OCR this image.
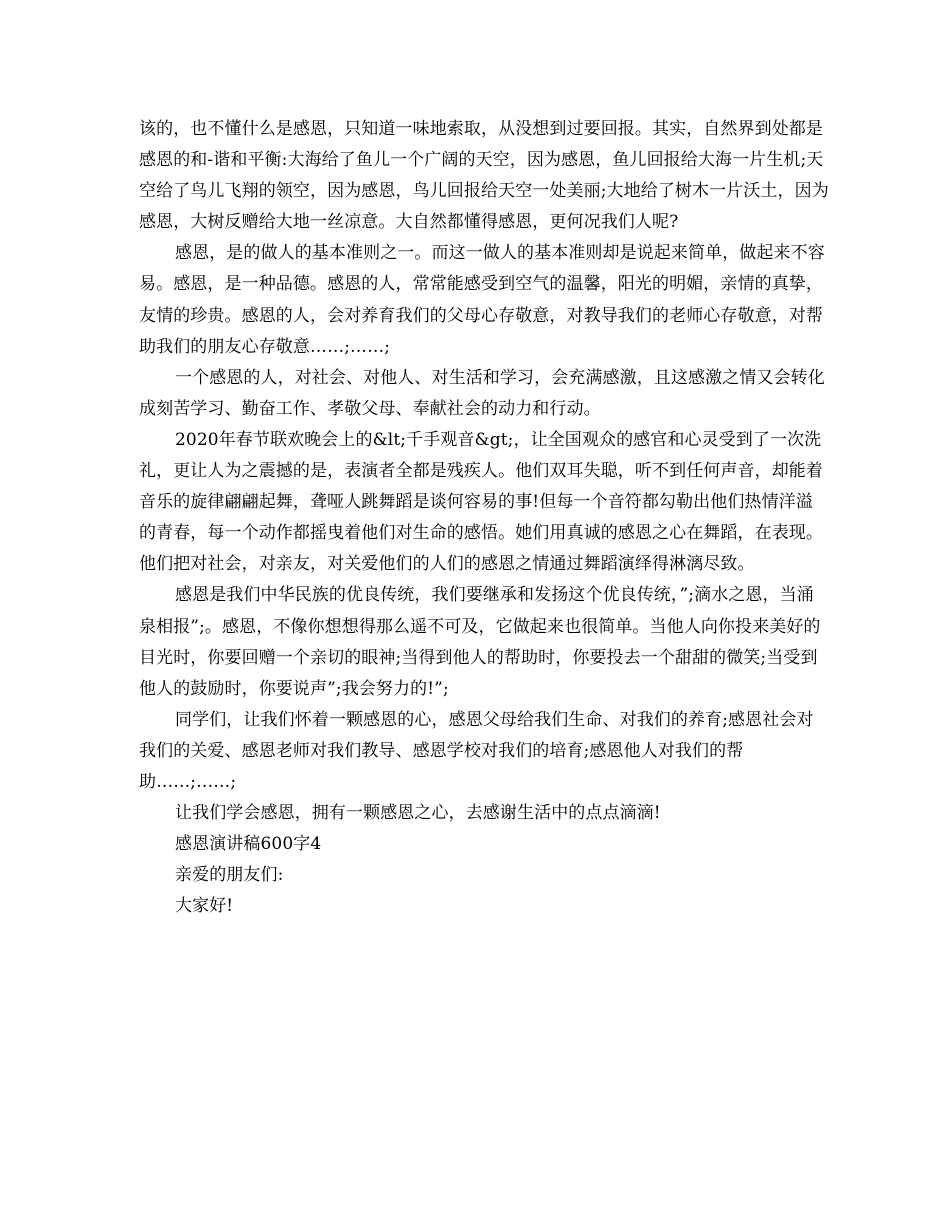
该的，也不懂什么是感恩，只知道一味地索取，从没想到过要回报。其实，自然界到处都是感恩的和-谐和平衡:大海给了鱼儿一个广阔的天空，因为感恩，鱼儿回报给大海一片生机;天空给了鸟儿飞翔的领空，因为感恩，鸟儿回报给天空一处美丽;大地给了树木一片沃土，因为感恩，大树反赠给大地一丝凉意。大自然都懂得感恩，更何况我们人呢?

感恩，是的做人的基本准则之一。而这一做人的基本准则却是说起来简单，做起来不容易。感恩，是一种品德。感恩的人，常常能感受到空气的温馨，阳光的明媚，亲情的真挚，友情的珍贵。感恩的人，会对养育我们的父母心存敬意，对教导我们的老师心存敬意，对帮助我们的朋友心存敬意……;……;

一个感恩的人，对社会、对他人、对生活和学习，会充满感激，且这感激之情又会转化成刻苦学习、勤奋工作、孝敬父母、奉献社会的动力和行动。

2020年春节联欢晚会上的&lt;千手观音&gt;，让全国观众的感官和心灵受到了一次洗礼，更让人为之震撼的是，表演者全都是残疾人。他们双耳失聪，听不到任何声音，却能着音乐的旋律翩翩起舞，聋哑人跳舞蹈是谈何容易的事!但每一个音符都勾勒出他们热情洋溢的青春，每一个动作都摇曳着他们对生命的感悟。她们用真诚的感恩之心在舞蹈，在表现。他们把对社会，对亲友，对关爱他们的人们的感恩之情通过舞蹈演绎得淋漓尽致。

感恩是我们中华民族的优良传统，我们要继承和发扬这个优良传统，”;滴水之恩，当涌泉相报”;。感恩，不像你想想得那么遥不可及，它做起来也很简单。当他人向你投来美好的目光时，你要回赠一个亲切的眼神;当得到他人的帮助时，你要投去一个甜甜的微笑;当受到他人的鼓励时，你要说声”;我会努力的!”;

同学们，让我们怀着一颗感恩的心，感恩父母给我们生命、对我们的养育;感恩社会对我们的关爱、感恩老师对我们教导、感恩学校对我们的培育;感恩他人对我们的帮助……;……;

让我们学会感恩，拥有一颗感恩之心，去感谢生活中的点点滴滴!

感恩演讲稿600字4

亲爱的朋友们:

大家好!
